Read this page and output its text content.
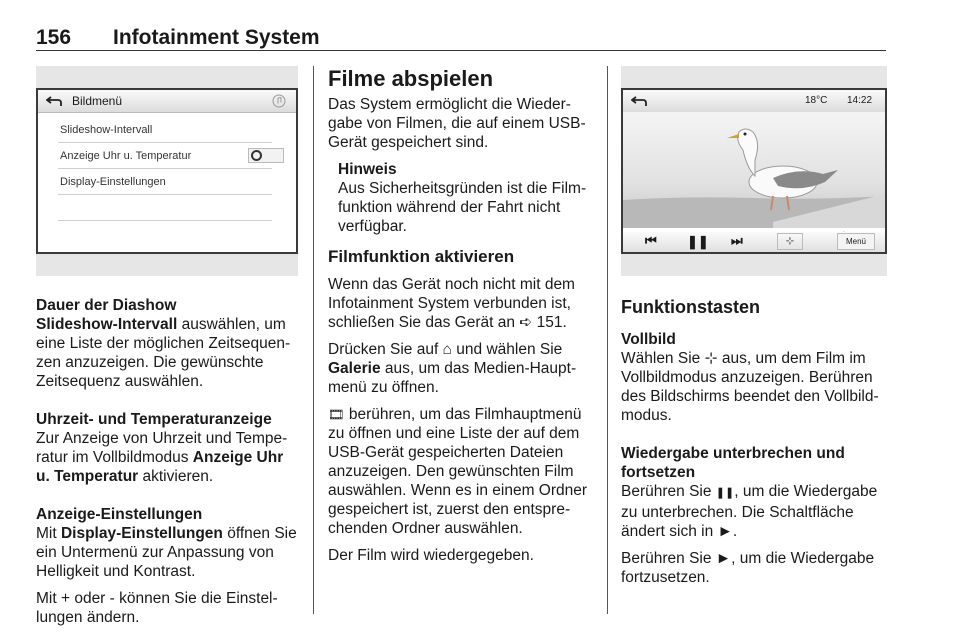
156 Infotainment System
Bildmenü
Slideshow-Intervall
Anzeige Uhr u. Temperatur
Display-Einstellungen

Dauer der Diashow

Slideshow-Intervall auswählen, um eine Liste der möglichen Zeitsequenzen anzuzeigen. Die gewünschte Zeitsequenz auswählen.

Uhrzeit- und Temperaturanzeige

Zur Anzeige von Uhrzeit und Temperatur im Vollbildmodus Anzeige Uhr u. Temperatur aktivieren.

Anzeige-Einstellungen

Mit Display-Einstellungen öffnen Sie ein Untermenü zur Anpassung von Helligkeit und Kontrast.

Mit + oder - können Sie die Einstellungen ändern.

Filme abspielen

Das System ermöglicht die Wiedergabe von Filmen, die auf einem USB-Gerät gespeichert sind.

Hinweis

Aus Sicherheitsgründen ist die Filmfunktion während der Fahrt nicht verfügbar.

Filmfunktion aktivieren

Wenn das Gerät noch nicht mit dem Infotainment System verbunden ist, schließen Sie das Gerät an ➪ 151.

Drücken Sie auf ⌂ und wählen Sie Galerie aus, um das Medien-Hauptmenü zu öffnen.

🎞 berühren, um das Filmhauptmenü zu öffnen und eine Liste der auf dem USB-Gerät gespeicherten Dateien anzuzeigen. Den gewünschten Film auswählen. Wenn es in einem Ordner gespeichert ist, zuerst den entsprechenden Ordner auswählen.

Der Film wird wiedergegeben.

18°C 14:22
⏮ ❚❚ ⏭	⊹	Menü
Funktionstasten

Vollbild

Wählen Sie ⊹ aus, um dem Film im Vollbildmodus anzuzeigen. Berühren des Bildschirms beendet den Vollbildmodus.

Wiedergabe unterbrechen und fortsetzen

Berühren Sie ❚❚, um die Wiedergabe zu unterbrechen. Die Schaltfläche ändert sich in ►.

Berühren Sie ►, um die Wiedergabe fortzusetzen.
